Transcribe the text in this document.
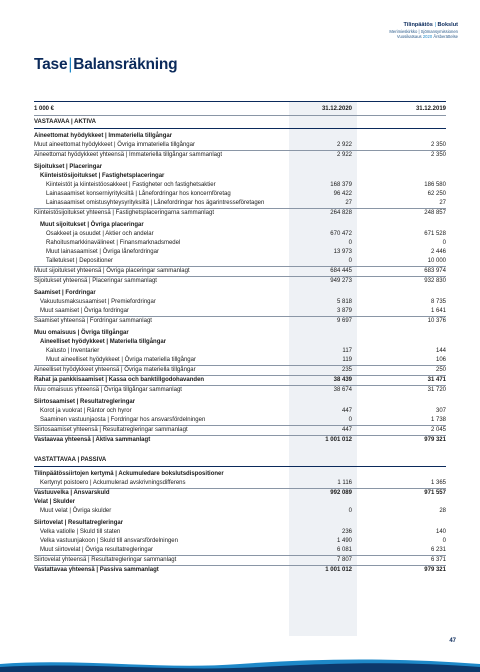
Tilinpäätös | Bokslut
Merimieskirkko | Sjömansymissionen
Vuosikatsaus 2020 Årsberättelse
Tase|Balansräkning
1 000 €	31.12.2020	31.12.2019
VASTAAVAA | AKTIVA
Aineettomat hyödykkeet | Immateriella tillgångar
Muut aineettomat hyödykkeet | Övriga immateriella tillgångar	2 922	2 350
Aineettomat hyödykkeet yhteensä | Immateriella tillgångar sammanlagt	2 922	2 350
Sijoitukset | Placeringar
Kiinteistösijoitukset | Fastighetsplaceringar
Kiinteistöt ja kiinteistöosakkeet | Fastigheter och fastighetsaktier	168 379	186 580
Lainasaamiset konserniyrityksiltä | Lånefordringar hos koncernföretag	96 422	62 250
Lainasaamiset omistusyhteysyrityksiltä | Lånefordringar hos ägarintresseföretagen	27	27
Kiinteistösijoitukset yhteensä | Fastighetsplaceringarna sammanlagt	264 828	248 857
Muut sijoitukset | Övriga placeringar
Osakkeet ja osuudet | Aktier och andelar	670 472	671 528
Rahoitusmarkkinavälineet | Finansmarknadsmedel	0	0
Muut lainasaamiset | Övriga lånefordringar	13 973	2 446
Talletukset | Depositioner	0	10 000
Muut sijoitukset yhteensä | Övriga placeringar sammanlagt	684 445	683 974
Sijoitukset yhteensä | Placeringar sammanlagt	949 273	932 830
Saamiset | Fordringar
Vakuutusmaksusaamiset | Premiefordringar	5 818	8 735
Muut saamiset | Övriga fordringar	3 879	1 641
Saamiset yhteensä | Fordringar sammanlagt	9 697	10 376
Muu omaisuus | Övriga tillgångar
Aineelliset hyödykkeet | Materiella tillgångar
Kalusto | Inventarier	117	144
Muut aineelliset hyödykkeet | Övriga materiella tillgångar	119	106
Aineelliset hyödykkeet yhteensä | Övriga materiella tillgångar	235	250
Rahat ja pankkisaamiset | Kassa och banktillgodohavanden	38 439	31 471
Muu omaisuus yhteensä | Övriga tillgångar sammanlagt	38 674	31 720
Siirtosaamiset | Resultatregleringar
Korot ja vuokrat | Räntor och hyror	447	307
Saaminen vastuunjaosta | Fordringar hos ansvarsfördelningen	0	1 738
Siirtosaamiset yhteensä | Resultatregleringar sammanlagt	447	2 045
Vastaavaa yhteensä | Aktiva sammanlagt	1 001 012	979 321
VASTATTAVAA | PASSIVA
Tilinpäätössiirtojen kertymä | Ackumuledare bokslutsdispositioner
Kertynyt poistoero | Ackumulerad avskrivningsdifferens	1 116	1 365
Vastuuvelka | Ansvarskuld	992 089	971 557
Velat | Skulder
Muut velat | Övriga skulder	0	28
Siirtovelat | Resultatregleringar
Velka vatiolle | Skuld till staten	236	140
Velka vastuunjakoon | Skuld till ansvarsfördelningen	1 490	0
Muut siirtovelat | Övriga resultatregleringar	6 081	6 231
Siirtovelat yhteensä | Resultatregleringar sammanlagt	7 807	6 371
Vastattavaa yhteensä | Passiva sammanlagt	1 001 012	979 321
47
